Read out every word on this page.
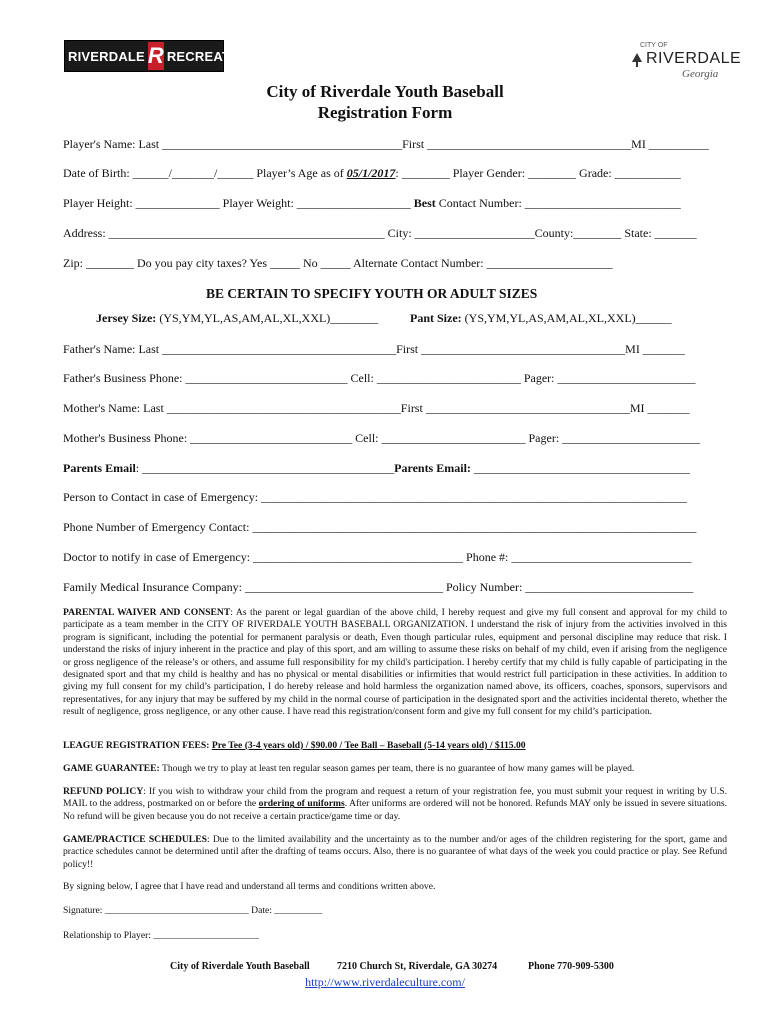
RIVERDALE R RECREATION
CITY OF
RIVERDALE
Georgia
City of Riverdale Youth Baseball
Registration Form
Player's Name: Last ________________________________________First __________________________________MI __________
Date of Birth: ______/_______/______ Player’s Age as of 05/1/2017: ________ Player Gender: ________ Grade: ___________
Player Height: ______________ Player Weight: ___________________ Best Contact Number: __________________________
Address: ______________________________________________ City: ____________________County:________ State: _______
Zip: ________ Do you pay city taxes? Yes _____ No _____ Alternate Contact Number: _____________________
BE CERTAIN TO SPECIFY YOUTH OR ADULT SIZES
Jersey Size: (YS,YM,YL,AS,AM,AL,XL,XXL)________	Pant Size: (YS,YM,YL,AS,AM,AL,XL,XXL)______
Father's Name: Last _______________________________________First __________________________________MI _______
Father's Business Phone: ___________________________ Cell: ________________________ Pager: _______________________
Mother's Name: Last _______________________________________First __________________________________MI _______
Mother's Business Phone: ___________________________ Cell: ________________________ Pager: _______________________
Parents Email: __________________________________________Parents Email: ____________________________________
Person to Contact in case of Emergency: _______________________________________________________________________
Phone Number of Emergency Contact: __________________________________________________________________________
Doctor to notify in case of Emergency: ___________________________________ Phone #: ______________________________
Family Medical Insurance Company: _________________________________ Policy Number: ____________________________
PARENTAL WAIVER AND CONSENT: As the parent or legal guardian of the above child, I hereby request and give my full consent and approval for my child to participate as a team member in the CITY OF RIVERDALE YOUTH BASEBALL ORGANIZATION. I understand the risk of injury from the activities involved in this program is significant, including the potential for permanent paralysis or death, Even though particular rules, equipment and personal discipline may reduce that risk. I understand the risks of injury inherent in the practice and play of this sport, and am willing to assume these risks on behalf of my child, even if arising from the negligence or gross negligence of the release’s or others, and assume full responsibility for my child's participation. I hereby certify that my child is fully capable of participating in the designated sport and that my child is healthy and has no physical or mental disabilities or infirmities that would restrict full participation in these activities. In addition to giving my full consent for my child’s participation, I do hereby release and hold harmless the organization named above, its officers, coaches, sponsors, supervisors and representatives, for any injury that may be suffered by my child in the normal course of participation in the designated sport and the activities incidental thereto, whether the result of negligence, gross negligence, or any other cause. I have read this registration/consent form and give my full consent for my child’s participation.
LEAGUE REGISTRATION FEES: Pre Tee (3-4 years old) / $90.00 / Tee Ball – Baseball (5-14 years old) / $115.00
GAME GUARANTEE: Though we try to play at least ten regular season games per team, there is no guarantee of how many games will be played.
REFUND POLICY: If you wish to withdraw your child from the program and request a return of your registration fee, you must submit your request in writing by U.S. MAIL to the address, postmarked on or before the ordering of uniforms. After uniforms are ordered will not be honored. Refunds MAY only be issued in severe situations. No refund will be given because you do not receive a certain practice/game time or day.
GAME/PRACTICE SCHEDULES: Due to the limited availability and the uncertainty as to the number and/or ages of the children registering for the sport, game and practice schedules cannot be determined until after the drafting of teams occurs. Also, there is no guarantee of what days of the week you could practice or play. See Refund policy!!
By signing below, I agree that I have read and understand all terms and conditions written above.
Signature: ______________________________ Date: __________
Relationship to Player: ______________________
City of Riverdale Youth Baseball	7210 Church St, Riverdale, GA 30274	Phone 770-909-5300
http://www.riverdaleculture.com/
